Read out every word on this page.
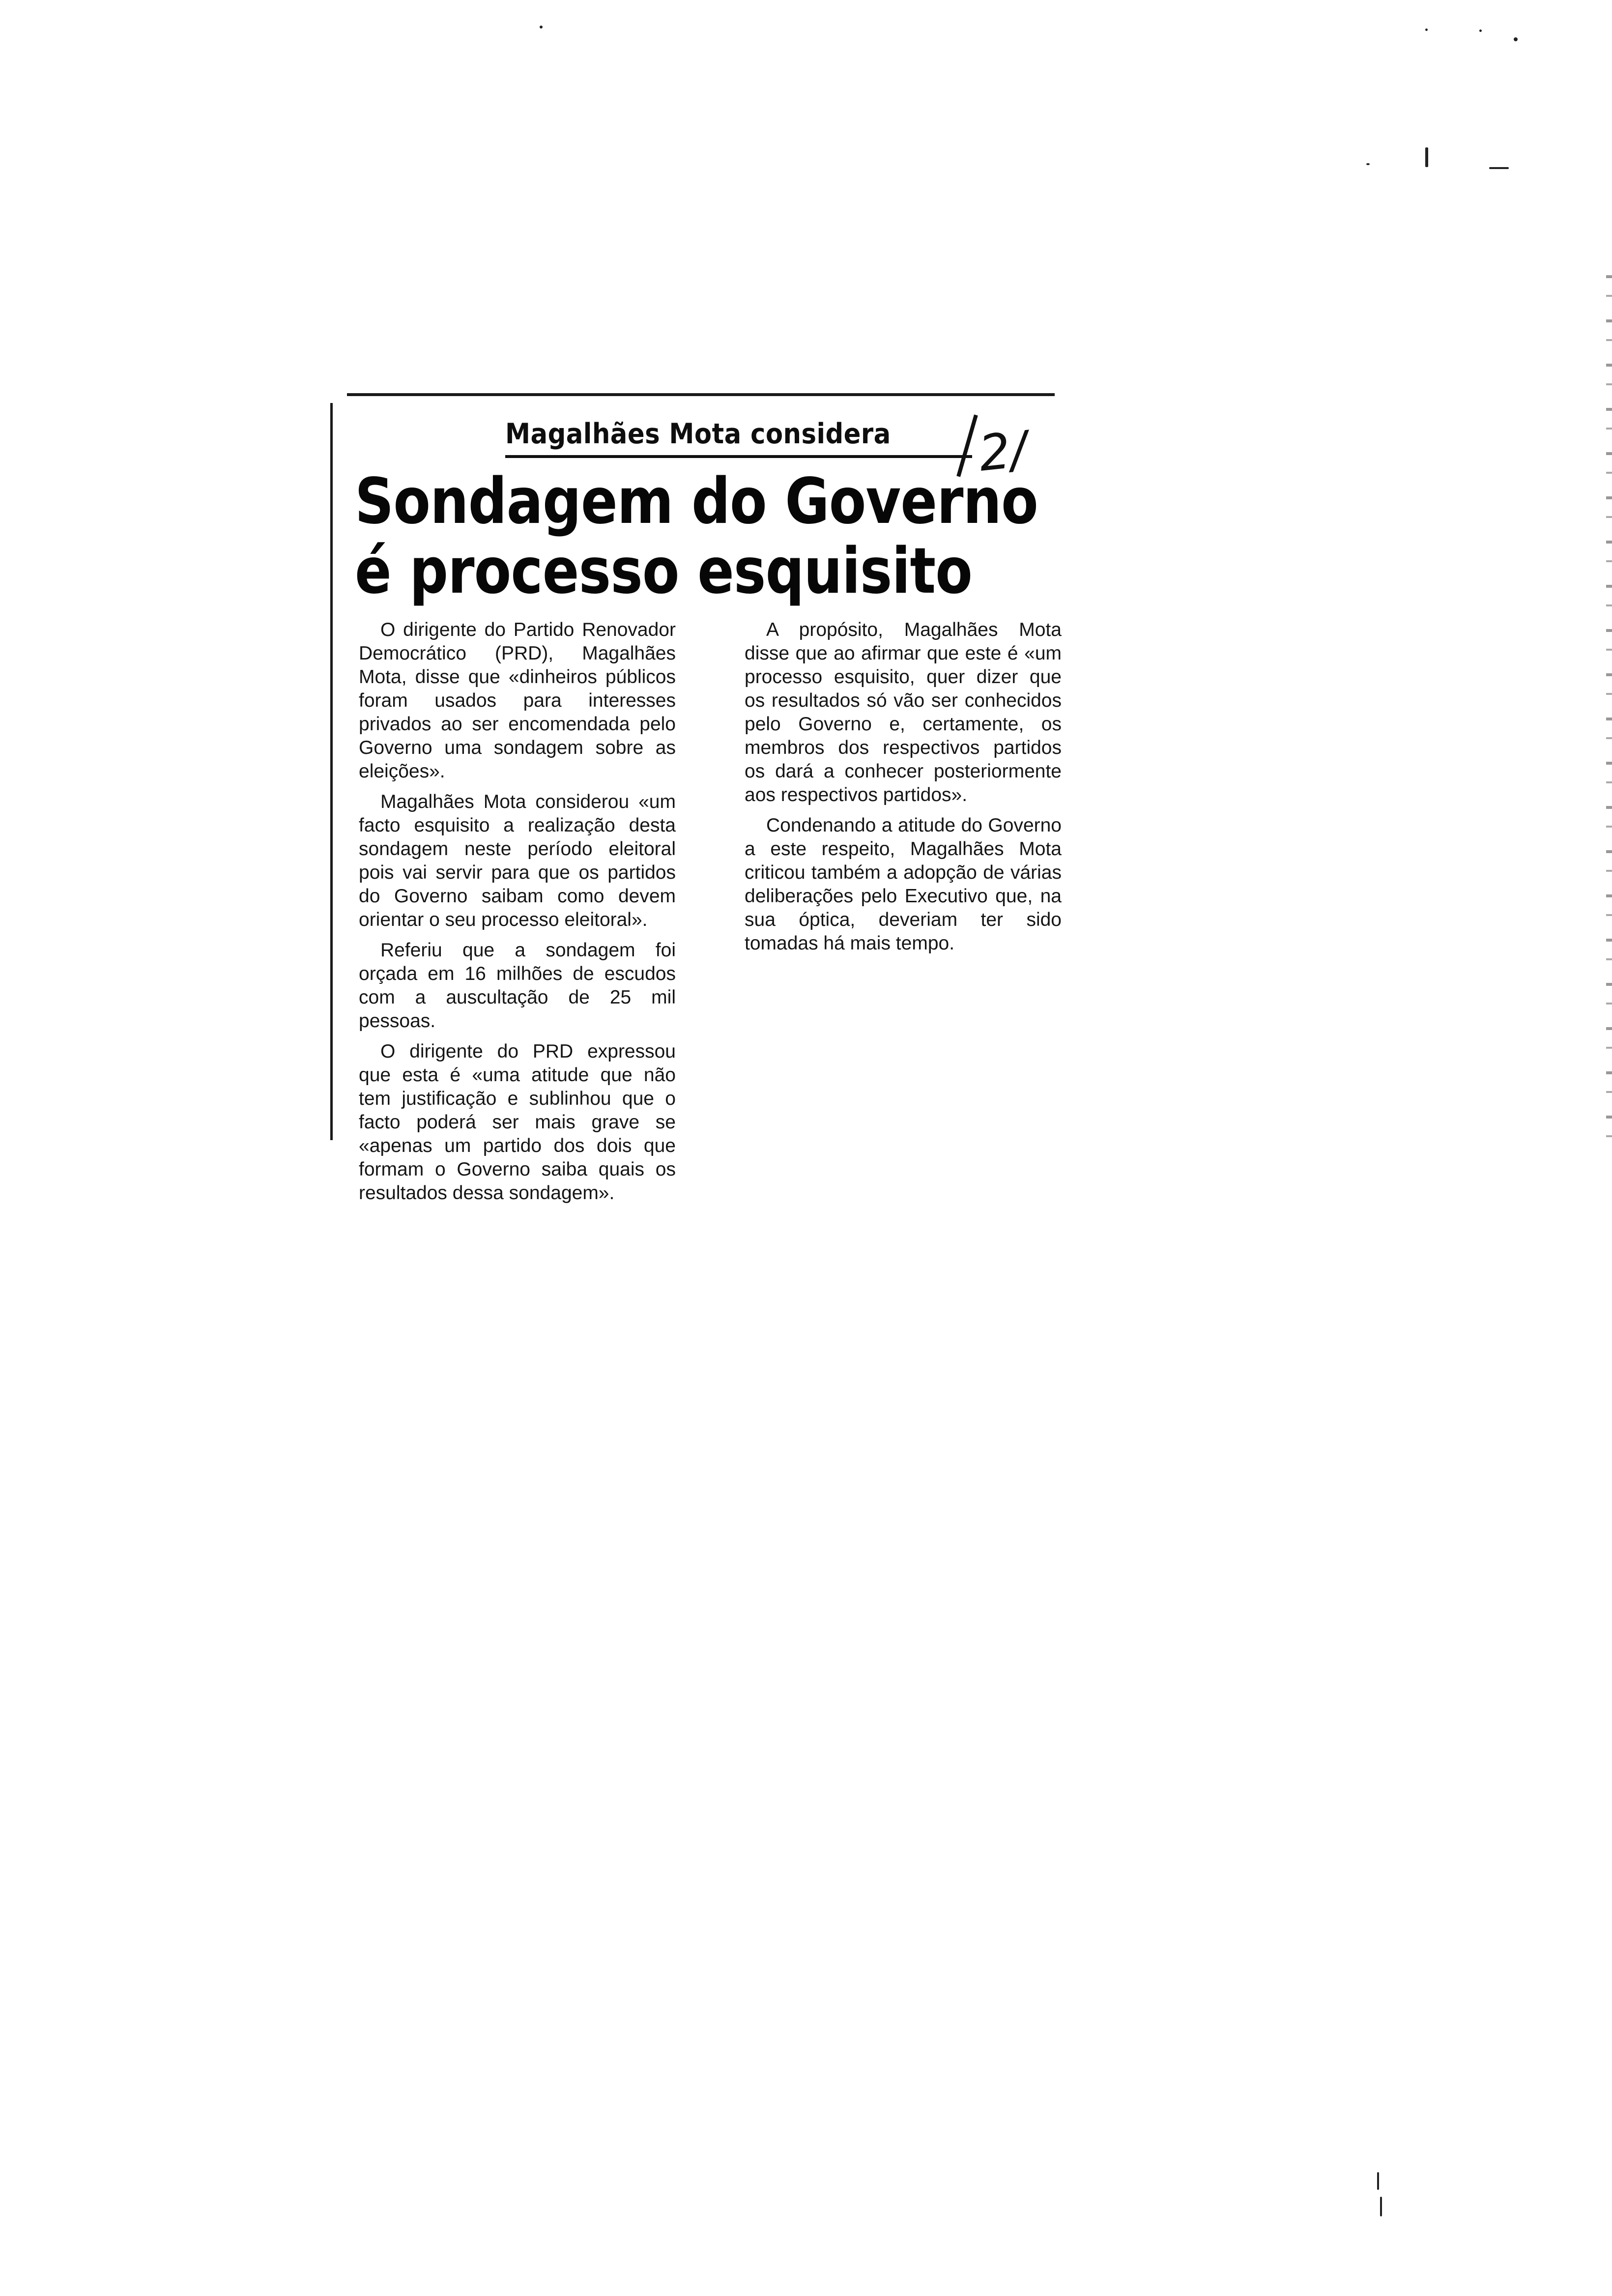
Magalhães Mota considera 2/
Sondagem do Governo
é processo esquisito

O dirigente do Partido Renovador Democrático (PRD), Magalhães Mota, disse que «dinheiros públicos foram usados para interesses privados ao ser encomendada pelo Governo uma sondagem sobre as eleições».

Magalhães Mota considerou «um facto esquisito a realização desta sondagem neste período eleitoral pois vai servir para que os partidos do Governo saibam como devem orientar o seu processo eleitoral».

Referiu que a sondagem foi orçada em 16 milhões de escudos com a auscultação de 25 mil pessoas.

O dirigente do PRD expressou que esta é «uma atitude que não tem justificação e sublinhou que o facto poderá ser mais grave se «apenas um partido dos dois que formam o Governo saiba quais os resultados dessa sondagem».

A propósito, Magalhães Mota disse que ao afirmar que este é «um processo esquisito, quer dizer que os resultados só vão ser conhecidos pelo Governo e, certamente, os membros dos respectivos partidos os dará a conhecer posteriormente aos respectivos partidos».

Condenando a atitude do Governo a este respeito, Magalhães Mota criticou também a adopção de várias deliberações pelo Executivo que, na sua óptica, deveriam ter sido tomadas há mais tempo.
